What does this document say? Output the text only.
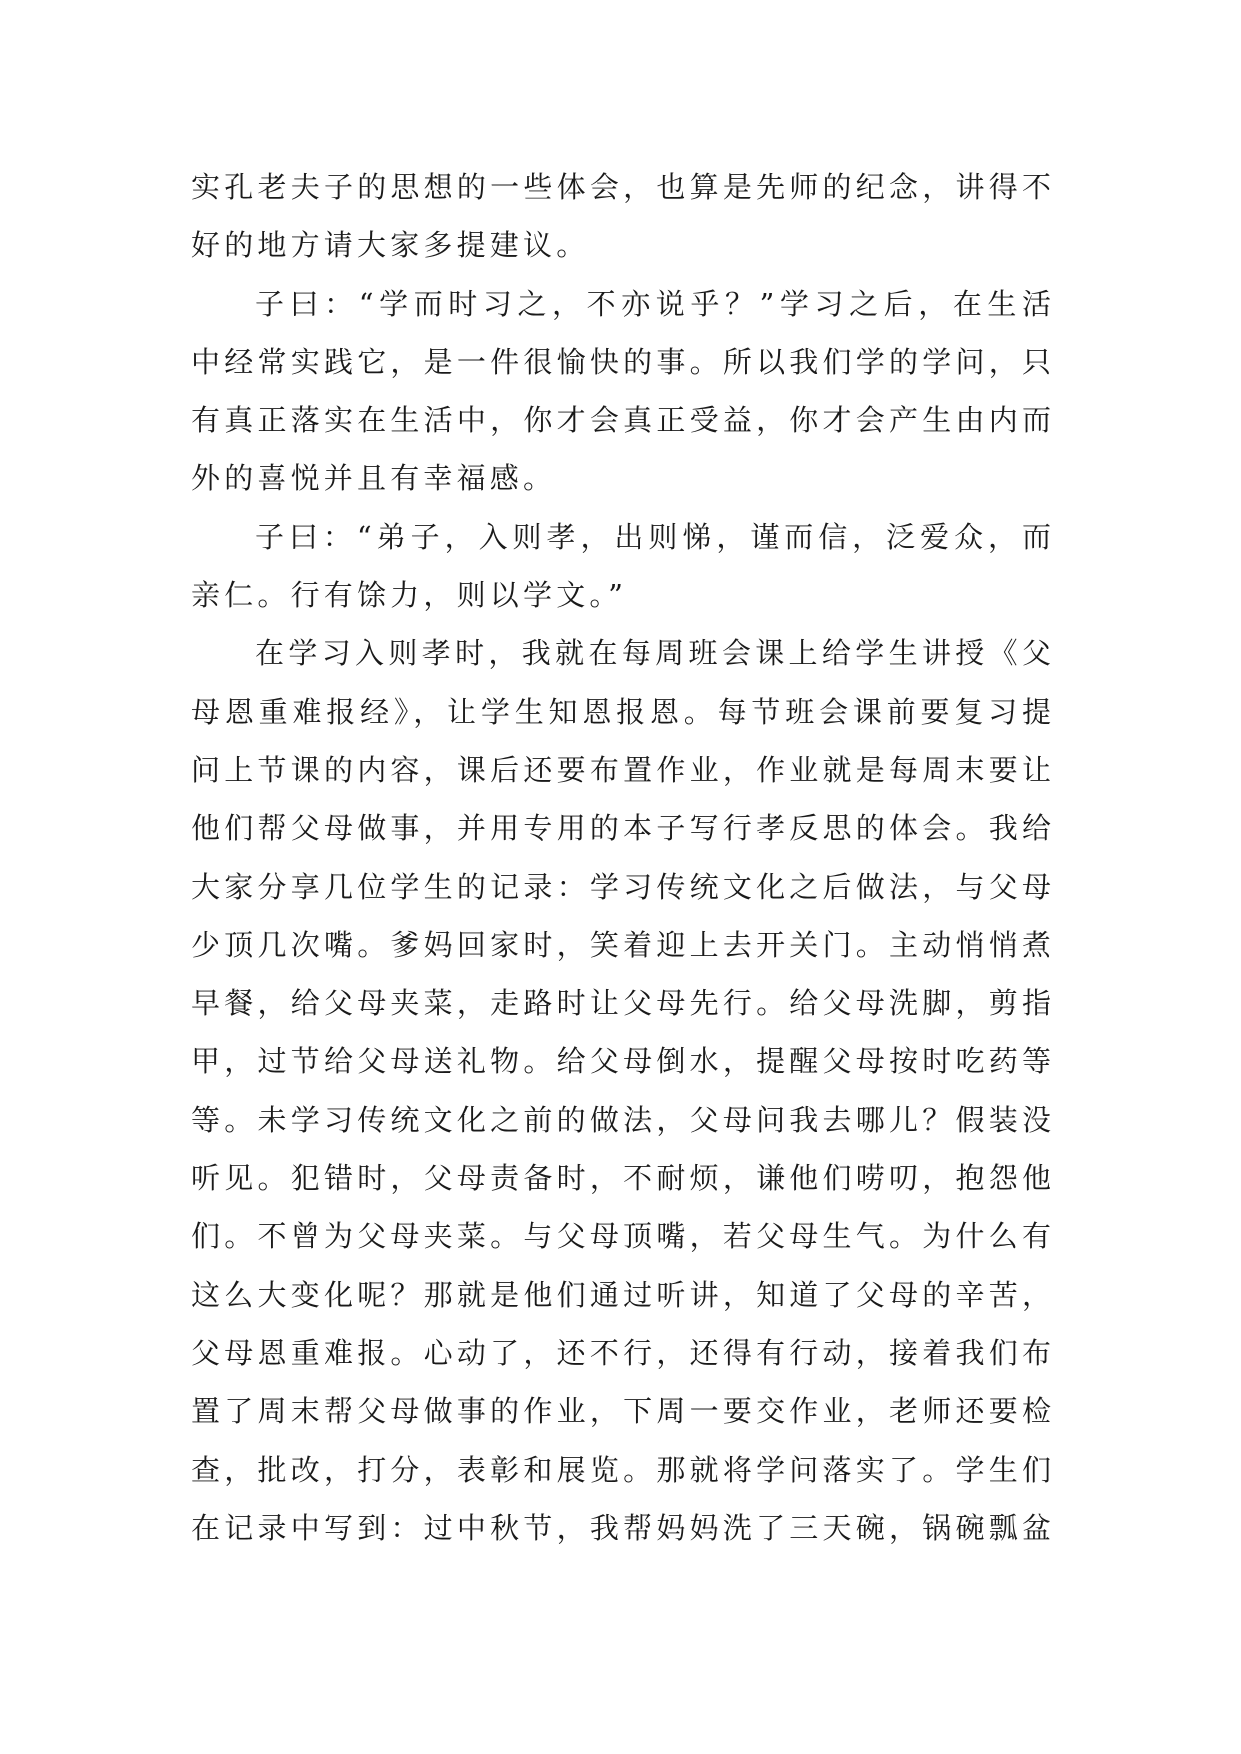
实孔老夫子的思想的一些体会，也算是先师的纪念，讲得不
好的地方请大家多提建议。
子曰：“学而时习之，不亦说乎？”学习之后，在生活
中经常实践它，是一件很愉快的事。所以我们学的学问，只
有真正落实在生活中，你才会真正受益，你才会产生由内而
外的喜悦并且有幸福感。
子曰：“弟子，入则孝，出则悌，谨而信，泛爱众，而
亲仁。行有馀力，则以学文。”
在学习入则孝时，我就在每周班会课上给学生讲授《父
母恩重难报经》，让学生知恩报恩。每节班会课前要复习提
问上节课的内容，课后还要布置作业，作业就是每周末要让
他们帮父母做事，并用专用的本子写行孝反思的体会。我给
大家分享几位学生的记录：学习传统文化之后做法，与父母
少顶几次嘴。爹妈回家时，笑着迎上去开关门。主动悄悄煮
早餐，给父母夹菜，走路时让父母先行。给父母洗脚，剪指
甲，过节给父母送礼物。给父母倒水，提醒父母按时吃药等
等。未学习传统文化之前的做法，父母问我去哪儿？假装没
听见。犯错时，父母责备时，不耐烦，谦他们唠叨，抱怨他
们。不曾为父母夹菜。与父母顶嘴，若父母生气。为什么有
这么大变化呢？那就是他们通过听讲，知道了父母的辛苦，
父母恩重难报。心动了，还不行，还得有行动，接着我们布
置了周末帮父母做事的作业，下周一要交作业，老师还要检
查，批改，打分，表彰和展览。那就将学问落实了。学生们
在记录中写到：过中秋节，我帮妈妈洗了三天碗，锅碗瓢盆
